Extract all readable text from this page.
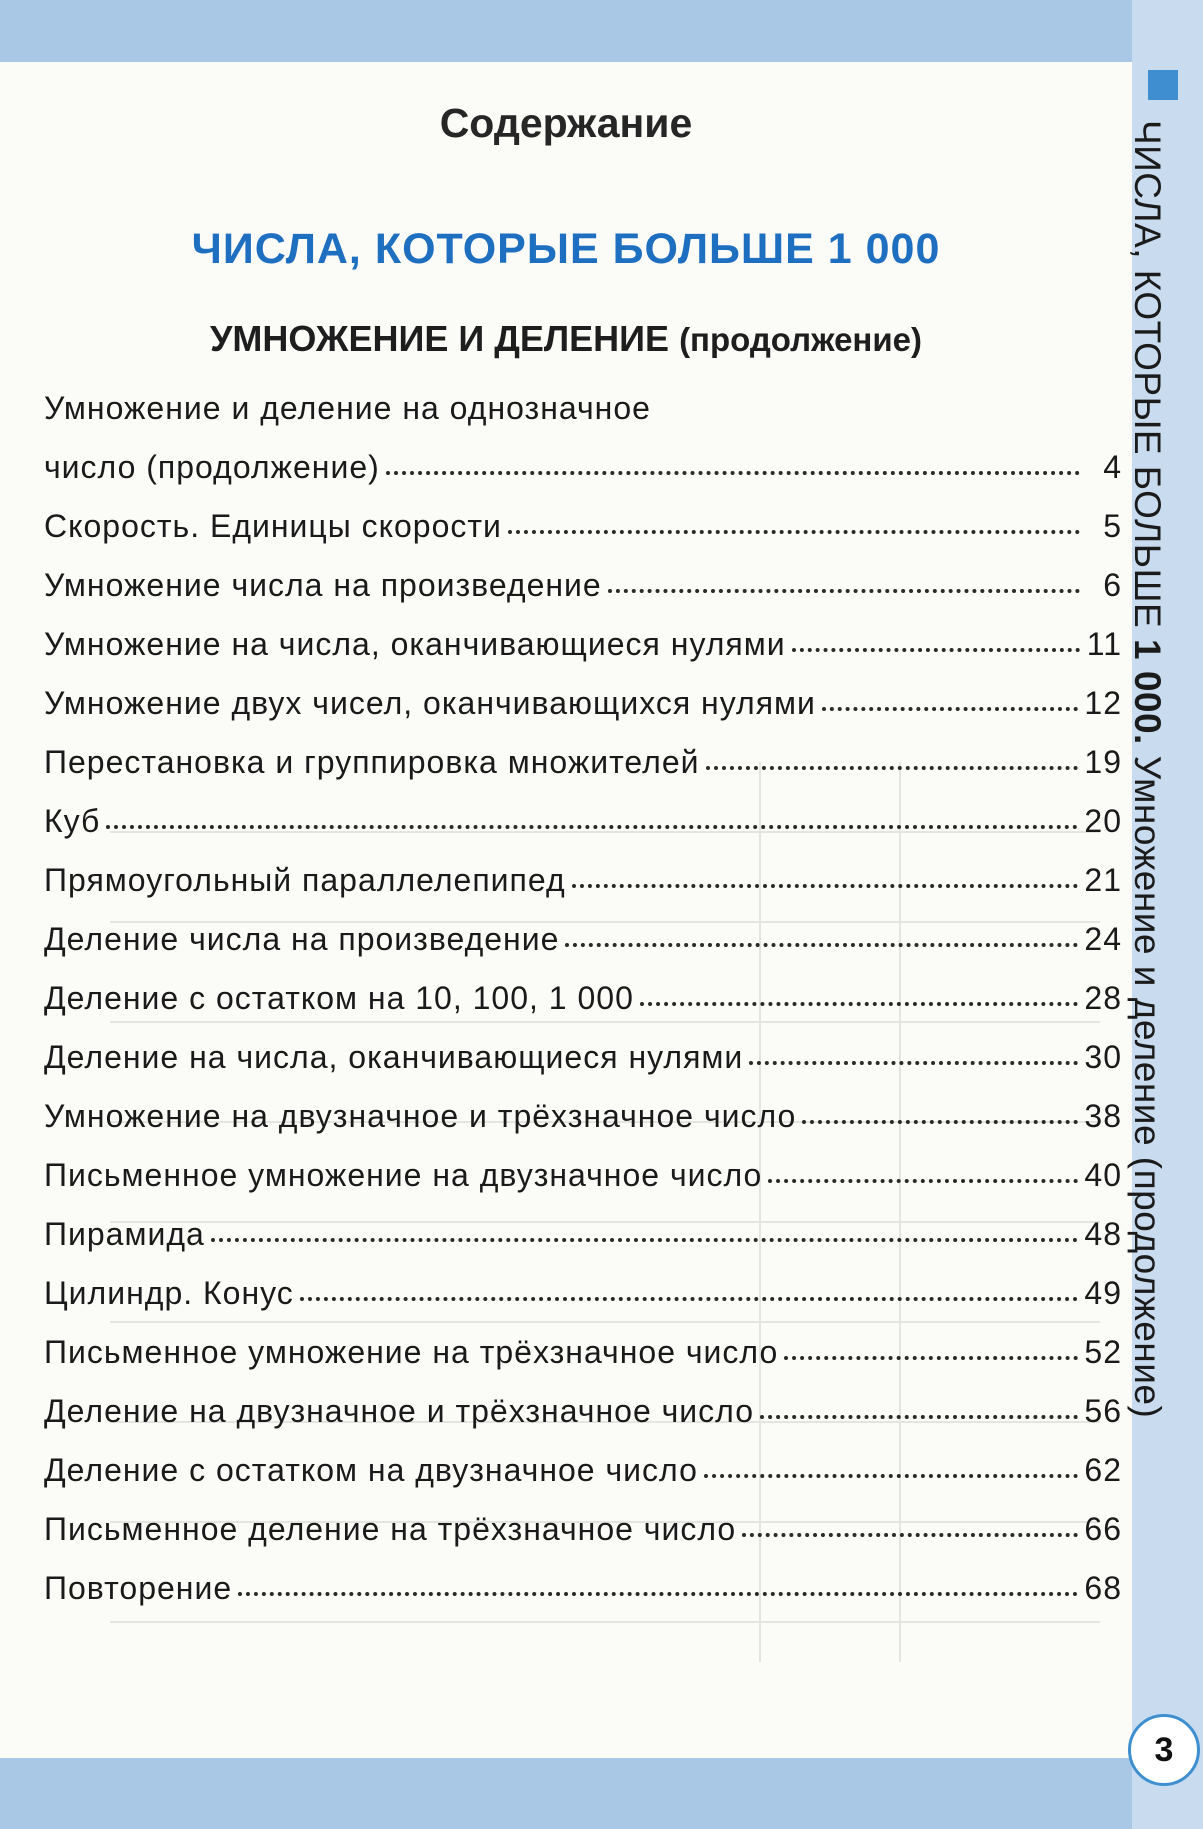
ЧИСЛА, КОТОРЫЕ БОЛЬШЕ 1 000. Умножение и деление (продолжение)
3
Содержание
ЧИСЛА, КОТОРЫЕ БОЛЬШЕ 1 000
УМНОЖЕНИЕ И ДЕЛЕНИЕ (продолжение)
Умножение и деление на однозначное
число (продолжение)	4
Скорость. Единицы скорости	5
Умножение числа на произведение	6
Умножение на числа, оканчивающиеся нулями	11
Умножение двух чисел, оканчивающихся нулями	12
Перестановка и группировка множителей	19
Куб	20
Прямоугольный параллелепипед	21
Деление числа на произведение	24
Деление с остатком на 10, 100, 1 000	28
Деление на числа, оканчивающиеся нулями	30
Умножение на двузначное и трёхзначное число	38
Письменное умножение на двузначное число	40
Пирамида	48
Цилиндр. Конус	49
Письменное умножение на трёхзначное число	52
Деление на двузначное и трёхзначное число	56
Деление с остатком на двузначное число	62
Письменное деление на трёхзначное число	66
Повторение	68
